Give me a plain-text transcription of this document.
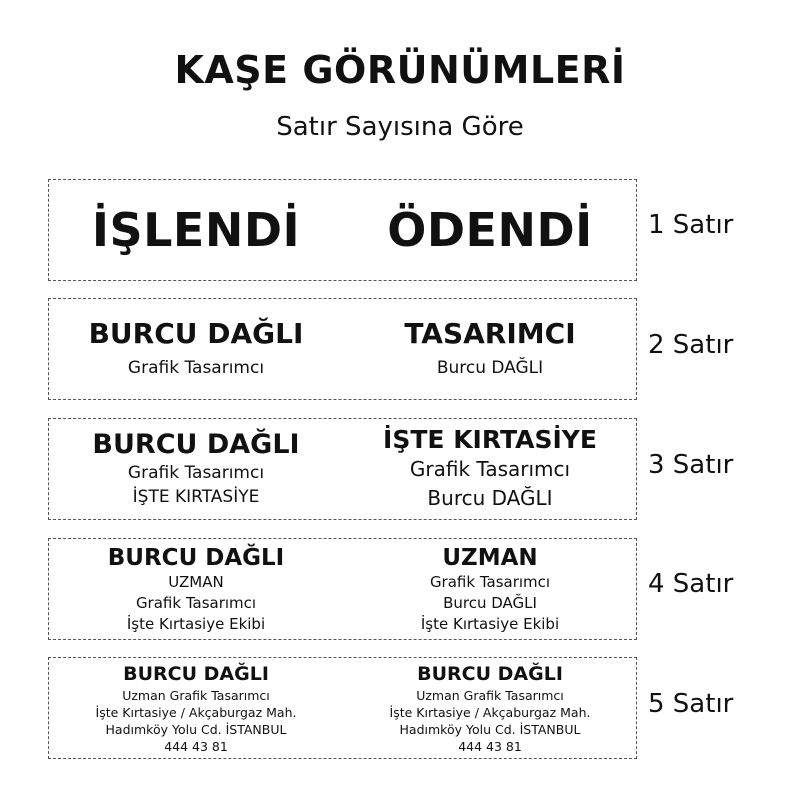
KAŞE GÖRÜNÜMLERİ
Satır Sayısına Göre
İŞLENDİ ÖDENDİ 1 Satır
BURCU DAĞLI
Grafik Tasarımcı
TASARIMCI
Burcu DAĞLI
2 Satır
BURCU DAĞLI
Grafik Tasarımcı
İŞTE KIRTASİYE
İŞTE KIRTASİYE
Grafik Tasarımcı
Burcu DAĞLI
3 Satır
BURCU DAĞLI
UZMAN
Grafik Tasarımcı
İşte Kırtasiye Ekibi
UZMAN
Grafik Tasarımcı
Burcu DAĞLI
İşte Kırtasiye Ekibi
4 Satır
BURCU DAĞLI
Uzman Grafik Tasarımcı
İşte Kırtasiye / Akçaburgaz Mah.
Hadımköy Yolu Cd. İSTANBUL
444 43 81
BURCU DAĞLI
Uzman Grafik Tasarımcı
İşte Kırtasiye / Akçaburgaz Mah.
Hadımköy Yolu Cd. İSTANBUL
444 43 81
5 Satır
